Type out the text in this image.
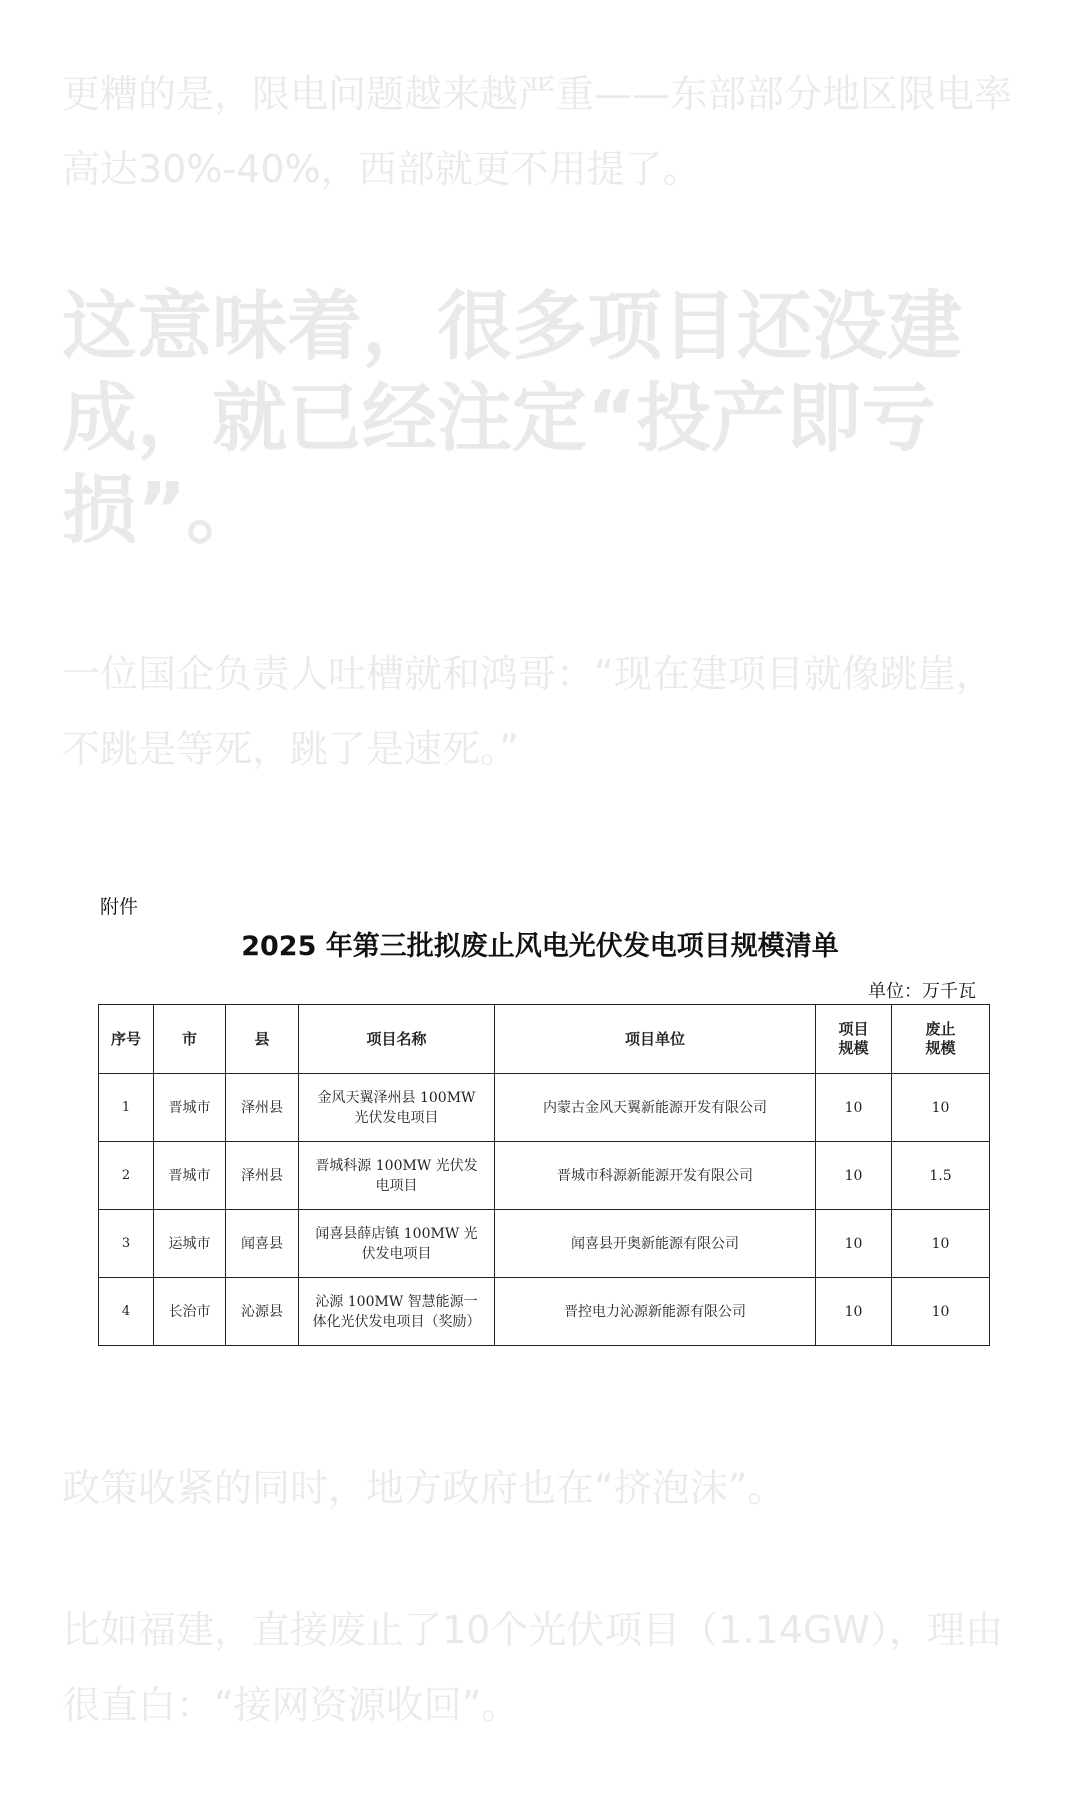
更糟的是，限电问题越来越严重——东部部分地区限电率高达30%-40%，西部就更不用提了。

这意味着，很多项目还没建成，就已经注定“投产即亏损”。

一位国企负责人吐槽就和鸿哥：“现在建项目就像跳崖，不跳是等死，跳了是速死。”

附件
2025 年第三批拟废止风电光伏发电项目规模清单
单位：万千瓦
序号	市	县	项目名称	项目单位	项目规模	废止规模
1	晋城市	泽州县	金风天翼泽州县 100MW 光伏发电项目	内蒙古金风天翼新能源开发有限公司	10	10
2	晋城市	泽州县	晋城科源 100MW 光伏发电项目	晋城市科源新能源开发有限公司	10	1.5
3	运城市	闻喜县	闻喜县薛店镇 100MW 光伏发电项目	闻喜县开奥新能源有限公司	10	10
4	长治市	沁源县	沁源 100MW 智慧能源一体化光伏发电项目（奖励）	晋控电力沁源新能源有限公司	10	10

政策收紧的同时，地方政府也在“挤泡沫”。

比如福建，直接废止了10个光伏项目（1.14GW），理由很直白：“接网资源收回”。
